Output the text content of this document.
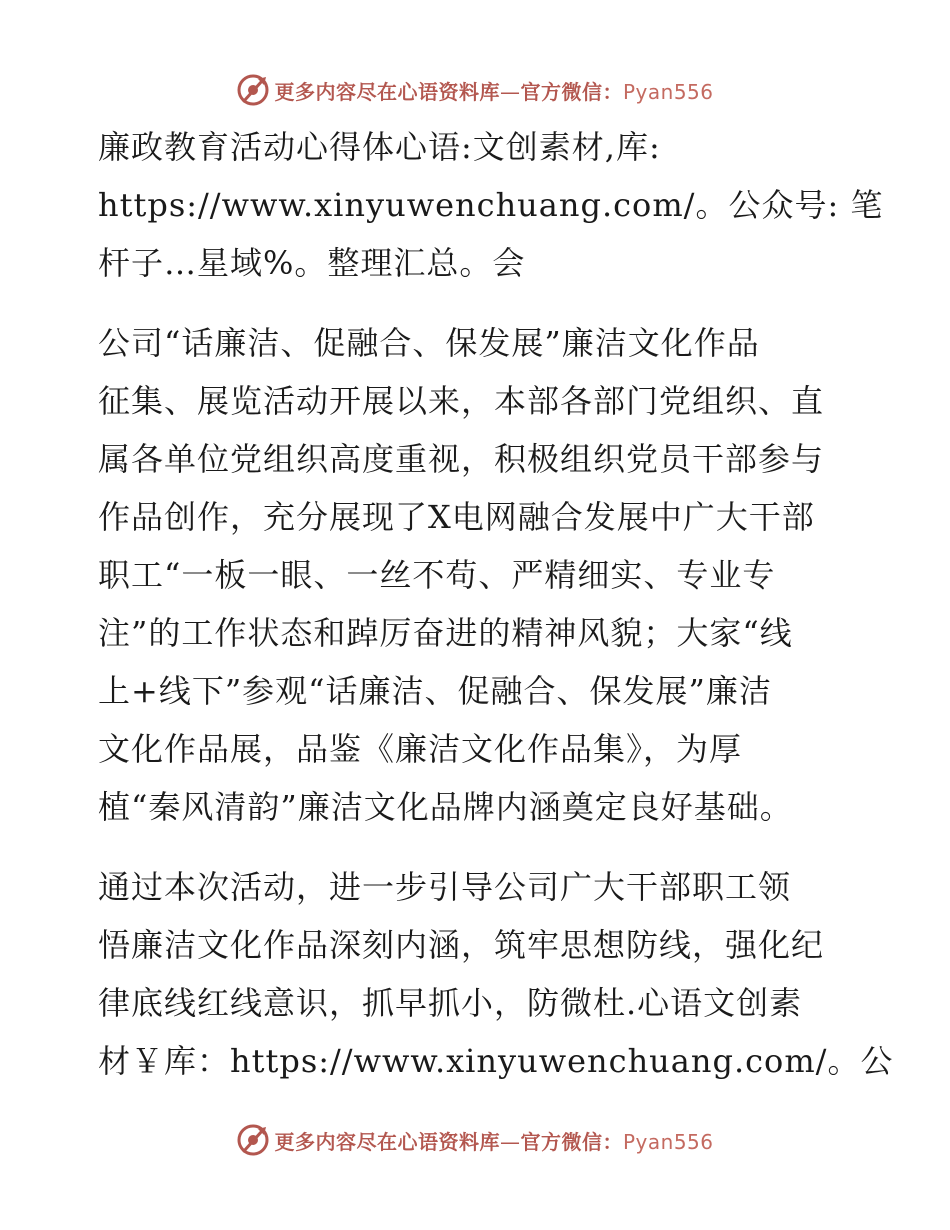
更多内容尽在心语资料库—官方微信：Pyan556
廉政教育活动心得体心语:文创素材,库:
https://www.xinyuwenchuang.com/。公众号: 笔
杆子…星域%。整理汇总。会
公司“话廉洁、促融合、保发展”廉洁文化作品
征集、展览活动开展以来，本部各部门党组织、直
属各单位党组织高度重视，积极组织党员干部参与
作品创作，充分展现了X电网融合发展中广大干部
职工“一板一眼、一丝不苟、严精细实、专业专
注”的工作状态和踔厉奋进的精神风貌；大家“线
上+线下”参观“话廉洁、促融合、保发展”廉洁
文化作品展，品鉴《廉洁文化作品集》，为厚
植“秦风清韵”廉洁文化品牌内涵奠定良好基础。
通过本次活动，进一步引导公司广大干部职工领
悟廉洁文化作品深刻内涵，筑牢思想防线，强化纪
律底线红线意识，抓早抓小，防微杜.心语文创素
材￥库：https://www.xinyuwenchuang.com/。公
更多内容尽在心语资料库—官方微信：Pyan556
